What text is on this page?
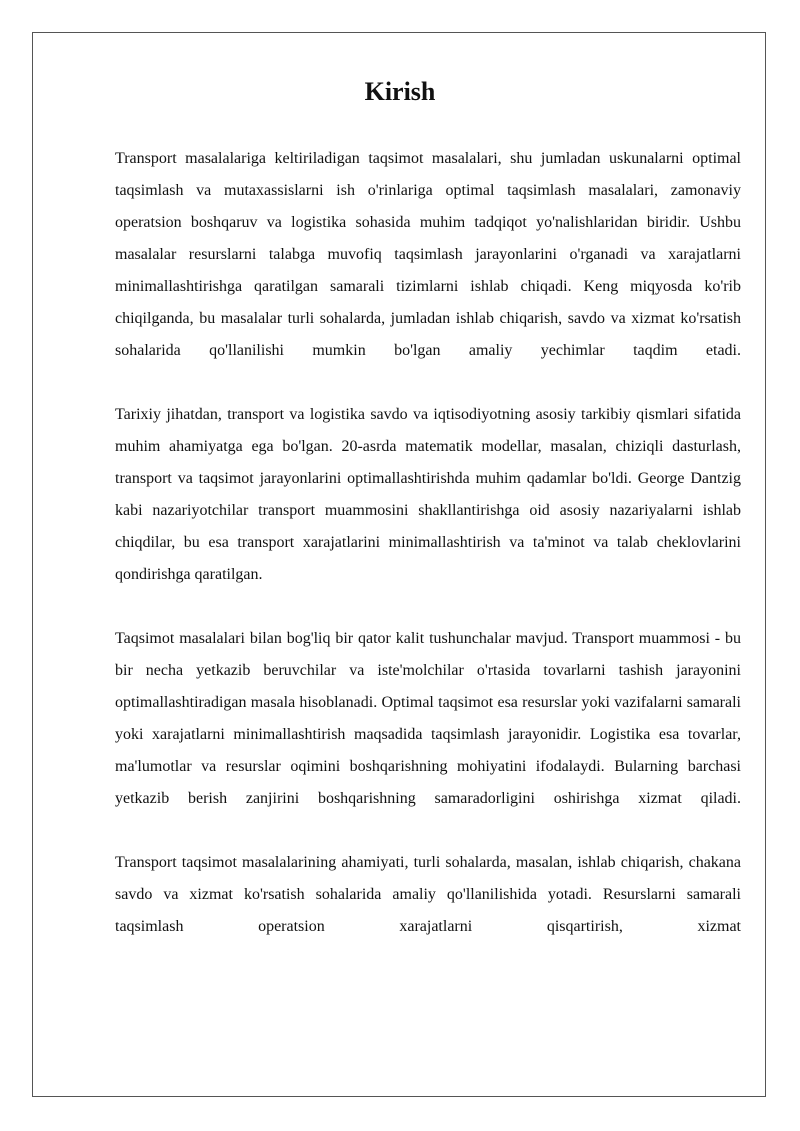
Kirish

Transport masalalariga keltiriladigan taqsimot masalalari, shu jumladan uskunalarni optimal taqsimlash va mutaxassislarni ish o'rinlariga optimal taqsimlash masalalari, zamonaviy operatsion boshqaruv va logistika sohasida muhim tadqiqot yo'nalishlaridan biridir. Ushbu masalalar resurslarni talabga muvofiq taqsimlash jarayonlarini o'rganadi va xarajatlarni minimallashtirishga qaratilgan samarali tizimlarni ishlab chiqadi. Keng miqyosda ko'rib chiqilganda, bu masalalar turli sohalarda, jumladan ishlab chiqarish, savdo va xizmat ko'rsatish sohalarida qo'llanilishi mumkin bo'lgan amaliy yechimlar taqdim etadi.

Tarixiy jihatdan, transport va logistika savdo va iqtisodiyotning asosiy tarkibiy qismlari sifatida muhim ahamiyatga ega bo'lgan. 20-asrda matematik modellar, masalan, chiziqli dasturlash, transport va taqsimot jarayonlarini optimallashtirishda muhim qadamlar bo'ldi. George Dantzig kabi nazariyotchilar transport muammosini shakllantirishga oid asosiy nazariyalarni ishlab chiqdilar, bu esa transport xarajatlarini minimallashtirish va ta'minot va talab cheklovlarini qondirishga qaratilgan.

Taqsimot masalalari bilan bog'liq bir qator kalit tushunchalar mavjud. Transport muammosi - bu bir necha yetkazib beruvchilar va iste'molchilar o'rtasida tovarlarni tashish jarayonini optimallashtiradigan masala hisoblanadi. Optimal taqsimot esa resurslar yoki vazifalarni samarali yoki xarajatlarni minimallashtirish maqsadida taqsimlash jarayonidir. Logistika esa tovarlar, ma'lumotlar va resurslar oqimini boshqarishning mohiyatini ifodalaydi. Bularning barchasi yetkazib berish zanjirini boshqarishning samaradorligini oshirishga xizmat qiladi.

Transport taqsimot masalalarining ahamiyati, turli sohalarda, masalan, ishlab chiqarish, chakana savdo va xizmat ko'rsatish sohalarida amaliy qo'llanilishida yotadi. Resurslarni samarali taqsimlash operatsion xarajatlarni qisqartirish, xizmat
